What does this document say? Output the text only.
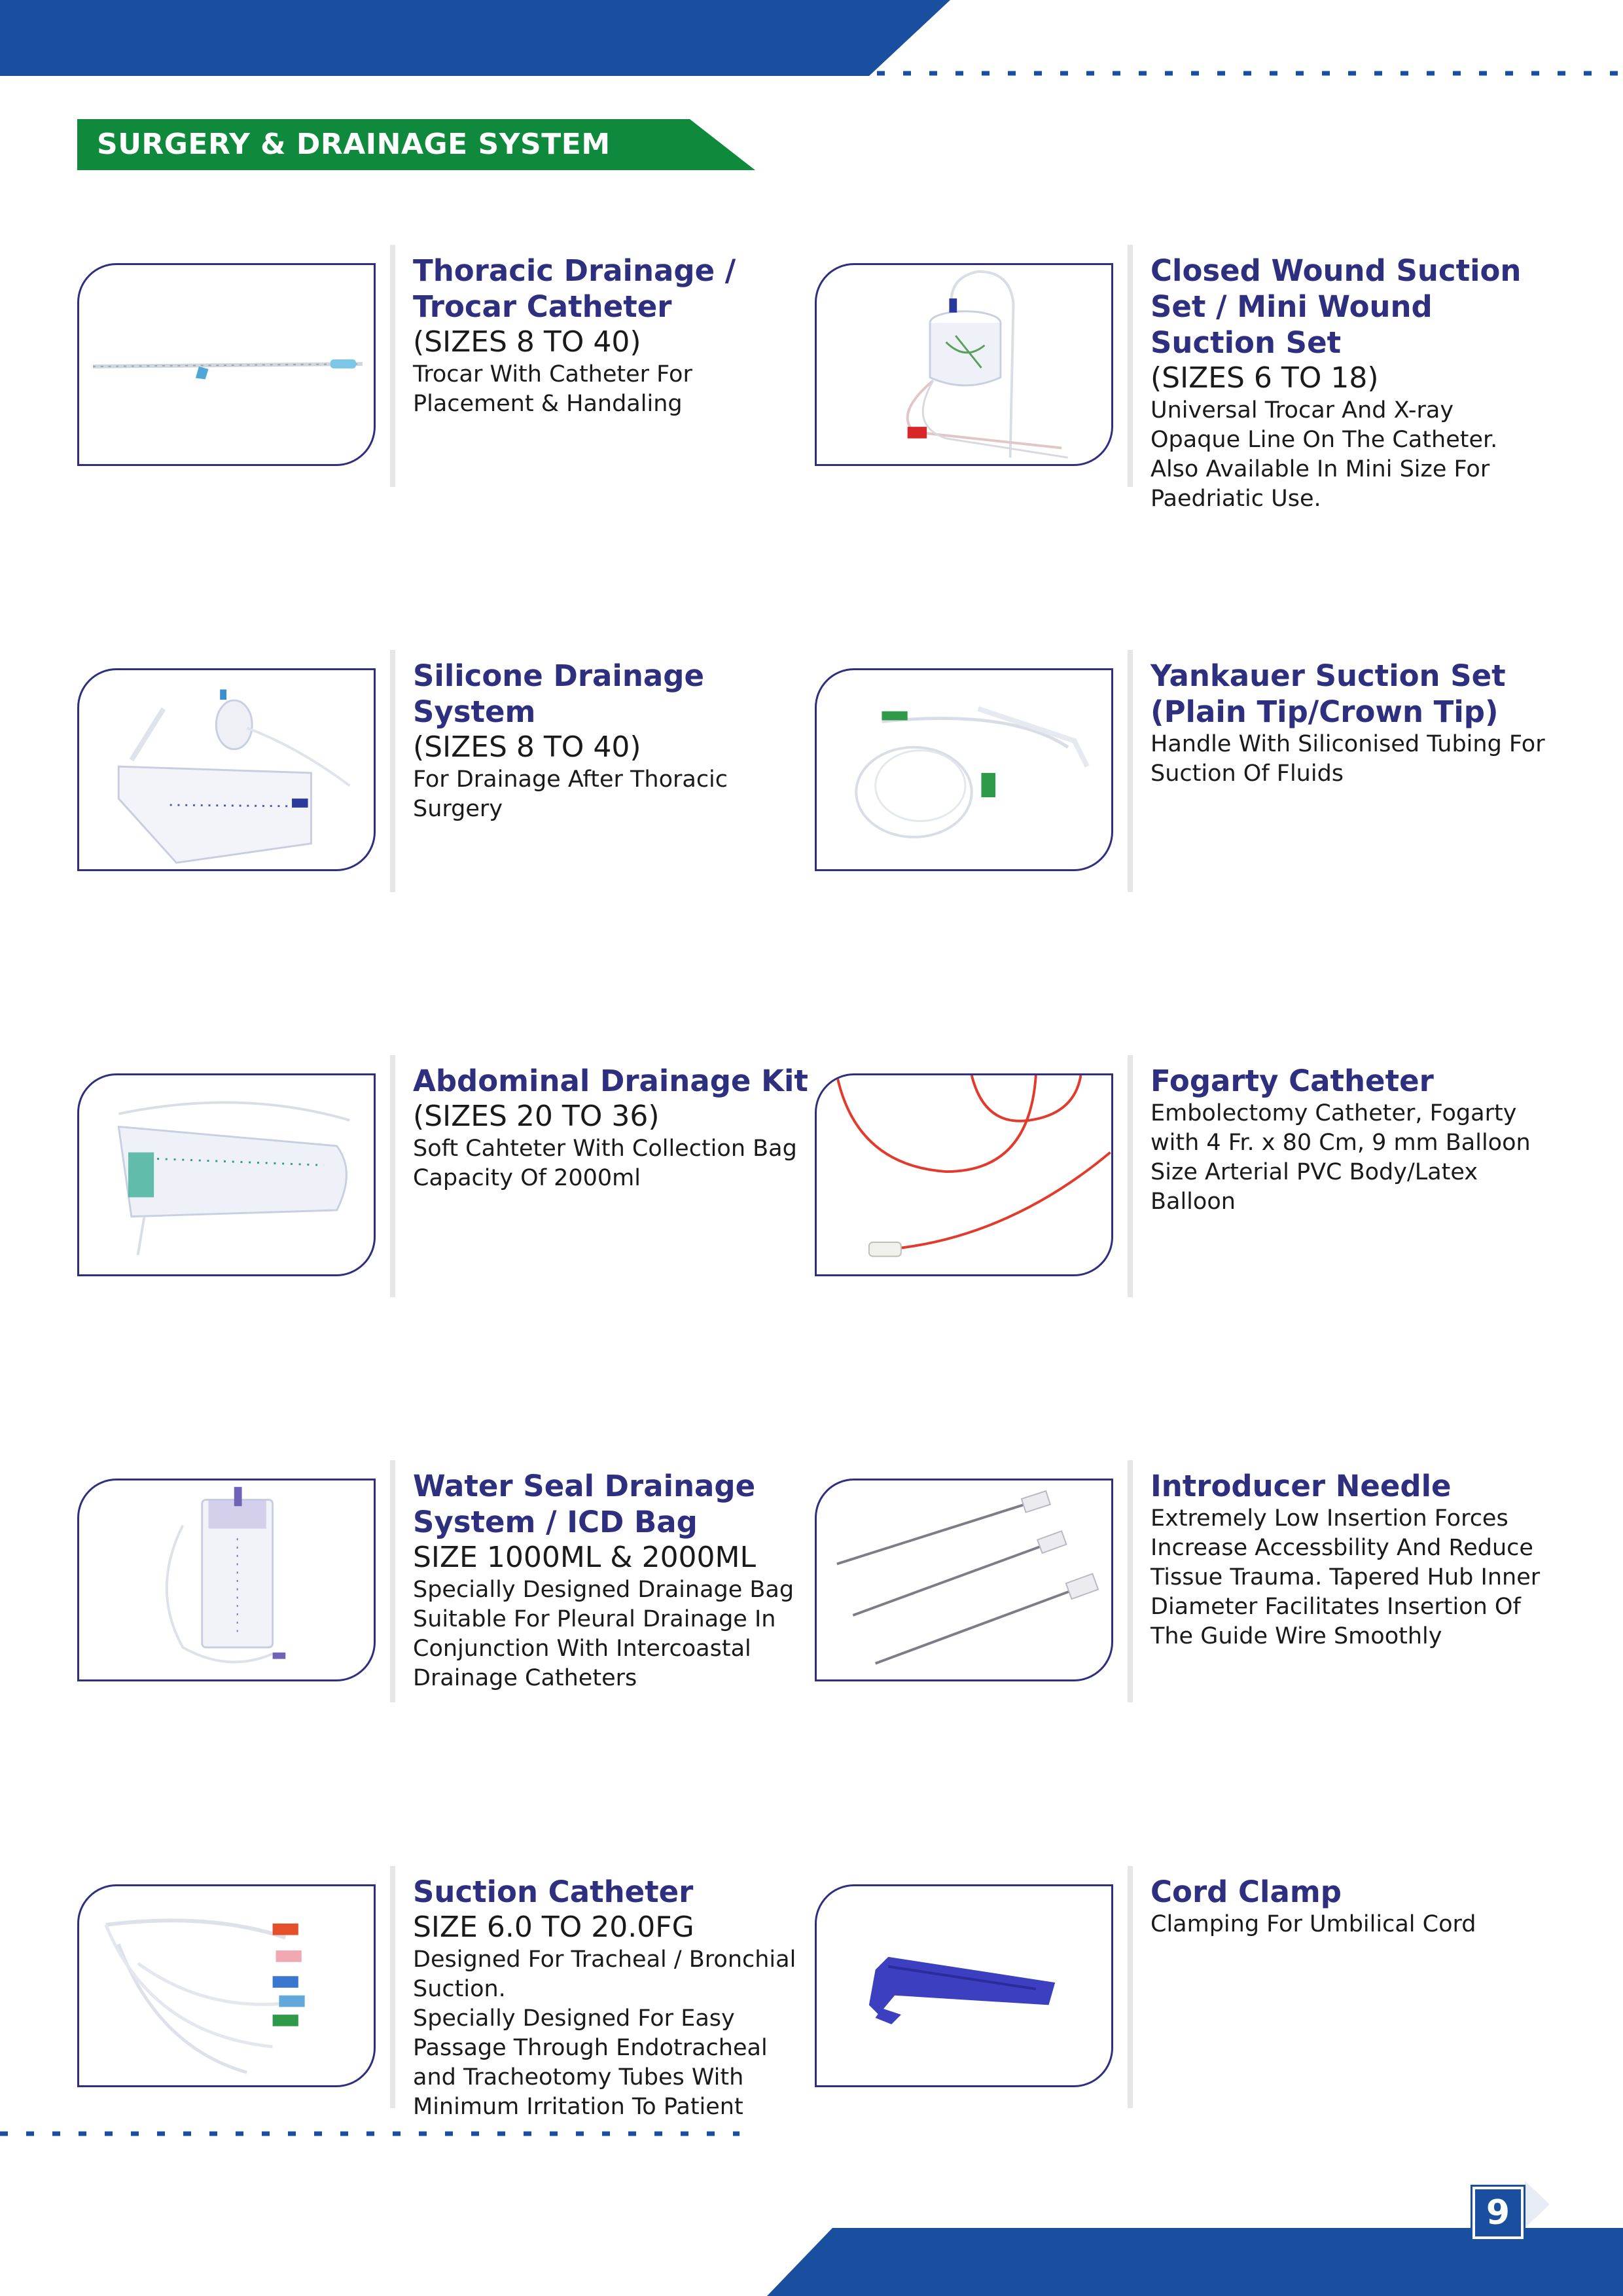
SURGERY & DRAINAGE SYSTEM
Thoracic Drainage / Trocar Catheter
(SIZES 8 TO 40)
Trocar With Catheter For Placement & Handaling
Closed Wound Suction Set / Mini Wound Suction Set
(SIZES 6 TO 18)
Universal Trocar And X-ray Opaque Line On The Catheter. Also Available In Mini Size For Paedriatic Use.
Silicone Drainage System
(SIZES 8 TO 40)
For Drainage After Thoracic Surgery
Yankauer Suction Set (Plain Tip/Crown Tip)
Handle With Siliconised Tubing For Suction Of Fluids
Abdominal Drainage Kit
(SIZES 20 TO 36)
Soft Cahteter With Collection Bag Capacity Of 2000ml
Fogarty Catheter
Embolectomy Catheter, Fogarty with 4 Fr. x 80 Cm, 9 mm Balloon Size Arterial PVC Body/Latex Balloon
Water Seal Drainage System / ICD Bag
SIZE 1000ML & 2000ML
Specially Designed Drainage Bag Suitable For Pleural Drainage In Conjunction With Intercoastal Drainage Catheters
Introducer Needle
Extremely Low Insertion Forces Increase Accessbility And Reduce Tissue Trauma. Tapered Hub Inner Diameter Facilitates Insertion Of The Guide Wire Smoothly
Suction Catheter
SIZE 6.0 TO 20.0FG
Designed For Tracheal / Bronchial Suction.
Specially Designed For Easy Passage Through Endotracheal and Tracheotomy Tubes With Minimum Irritation To Patient
Cord Clamp
Clamping For Umbilical Cord
9
